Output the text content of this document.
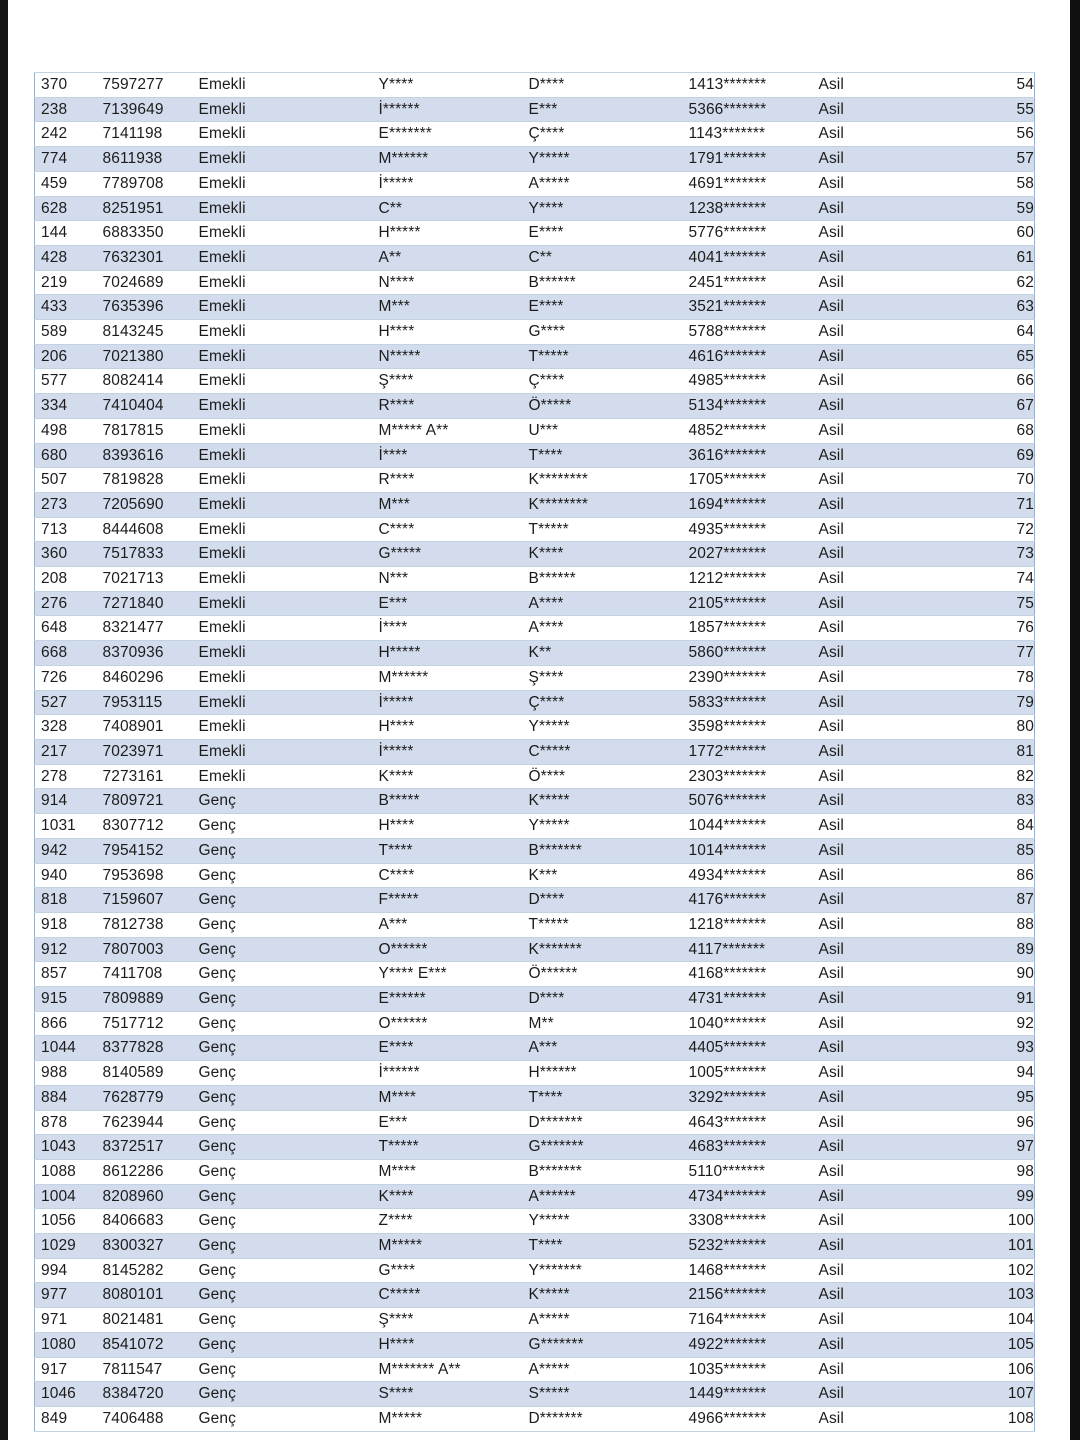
370	7597277	Emekli	Y****	D****	1413*******	Asil	54
238	7139649	Emekli	İ******	E***	5366*******	Asil	55
242	7141198	Emekli	E*******	Ç****	1143*******	Asil	56
774	8611938	Emekli	M******	Y*****	1791*******	Asil	57
459	7789708	Emekli	İ*****	A*****	4691*******	Asil	58
628	8251951	Emekli	C**	Y****	1238*******	Asil	59
144	6883350	Emekli	H*****	E****	5776*******	Asil	60
428	7632301	Emekli	A**	C**	4041*******	Asil	61
219	7024689	Emekli	N****	B******	2451*******	Asil	62
433	7635396	Emekli	M***	E****	3521*******	Asil	63
589	8143245	Emekli	H****	G****	5788*******	Asil	64
206	7021380	Emekli	N*****	T*****	4616*******	Asil	65
577	8082414	Emekli	Ş****	Ç****	4985*******	Asil	66
334	7410404	Emekli	R****	Ö*****	5134*******	Asil	67
498	7817815	Emekli	M***** A**	U***	4852*******	Asil	68
680	8393616	Emekli	İ****	T****	3616*******	Asil	69
507	7819828	Emekli	R****	K********	1705*******	Asil	70
273	7205690	Emekli	M***	K********	1694*******	Asil	71
713	8444608	Emekli	C****	T*****	4935*******	Asil	72
360	7517833	Emekli	G*****	K****	2027*******	Asil	73
208	7021713	Emekli	N***	B******	1212*******	Asil	74
276	7271840	Emekli	E***	A****	2105*******	Asil	75
648	8321477	Emekli	İ****	A****	1857*******	Asil	76
668	8370936	Emekli	H*****	K**	5860*******	Asil	77
726	8460296	Emekli	M******	Ş****	2390*******	Asil	78
527	7953115	Emekli	İ*****	Ç****	5833*******	Asil	79
328	7408901	Emekli	H****	Y*****	3598*******	Asil	80
217	7023971	Emekli	İ*****	C*****	1772*******	Asil	81
278	7273161	Emekli	K****	Ö****	2303*******	Asil	82
914	7809721	Genç	B*****	K*****	5076*******	Asil	83
1031	8307712	Genç	H****	Y*****	1044*******	Asil	84
942	7954152	Genç	T****	B*******	1014*******	Asil	85
940	7953698	Genç	C****	K***	4934*******	Asil	86
818	7159607	Genç	F*****	D****	4176*******	Asil	87
918	7812738	Genç	A***	T*****	1218*******	Asil	88
912	7807003	Genç	O******	K*******	4117*******	Asil	89
857	7411708	Genç	Y**** E***	Ö******	4168*******	Asil	90
915	7809889	Genç	E******	D****	4731*******	Asil	91
866	7517712	Genç	O******	M**	1040*******	Asil	92
1044	8377828	Genç	E****	A***	4405*******	Asil	93
988	8140589	Genç	İ******	H******	1005*******	Asil	94
884	7628779	Genç	M****	T****	3292*******	Asil	95
878	7623944	Genç	E***	D*******	4643*******	Asil	96
1043	8372517	Genç	T*****	G*******	4683*******	Asil	97
1088	8612286	Genç	M****	B*******	5110*******	Asil	98
1004	8208960	Genç	K****	A******	4734*******	Asil	99
1056	8406683	Genç	Z****	Y*****	3308*******	Asil	100
1029	8300327	Genç	M*****	T****	5232*******	Asil	101
994	8145282	Genç	G****	Y*******	1468*******	Asil	102
977	8080101	Genç	C*****	K*****	2156*******	Asil	103
971	8021481	Genç	Ş****	A*****	7164*******	Asil	104
1080	8541072	Genç	H****	G*******	4922*******	Asil	105
917	7811547	Genç	M******* A**	A*****	1035*******	Asil	106
1046	8384720	Genç	S****	S*****	1449*******	Asil	107
849	7406488	Genç	M*****	D*******	4966*******	Asil	108
